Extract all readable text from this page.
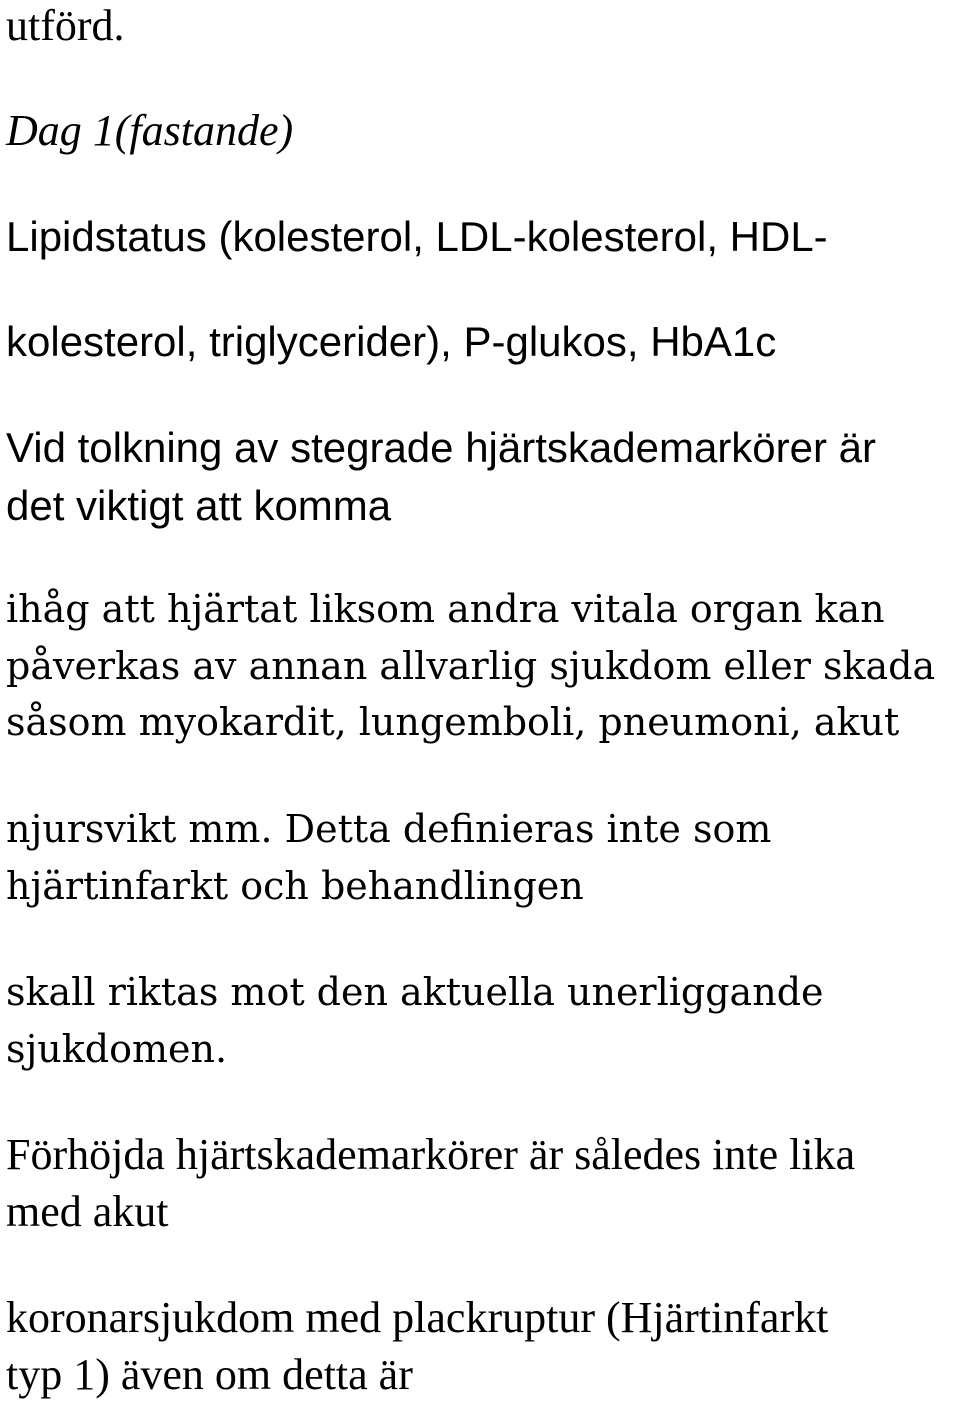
utförd.
Dag 1(fastande)
Lipidstatus (kolesterol, LDL-kolesterol, HDL-
kolesterol, triglycerider), P-glukos, HbA1c
Vid tolkning av stegrade hjärtskademarkörer är
det viktigt att komma
ihåg att hjärtat liksom andra vitala organ kan
påverkas av annan allvarlig sjukdom eller skada
såsom myokardit, lungemboli, pneumoni, akut
njursvikt mm. Detta definieras inte som
hjärtinfarkt och behandlingen
skall riktas mot den aktuella unerliggande
sjukdomen.
Förhöjda hjärtskademarkörer är således inte lika
med akut
koronarsjukdom med plackruptur (Hjärtinfarkt
typ 1) även om detta är
